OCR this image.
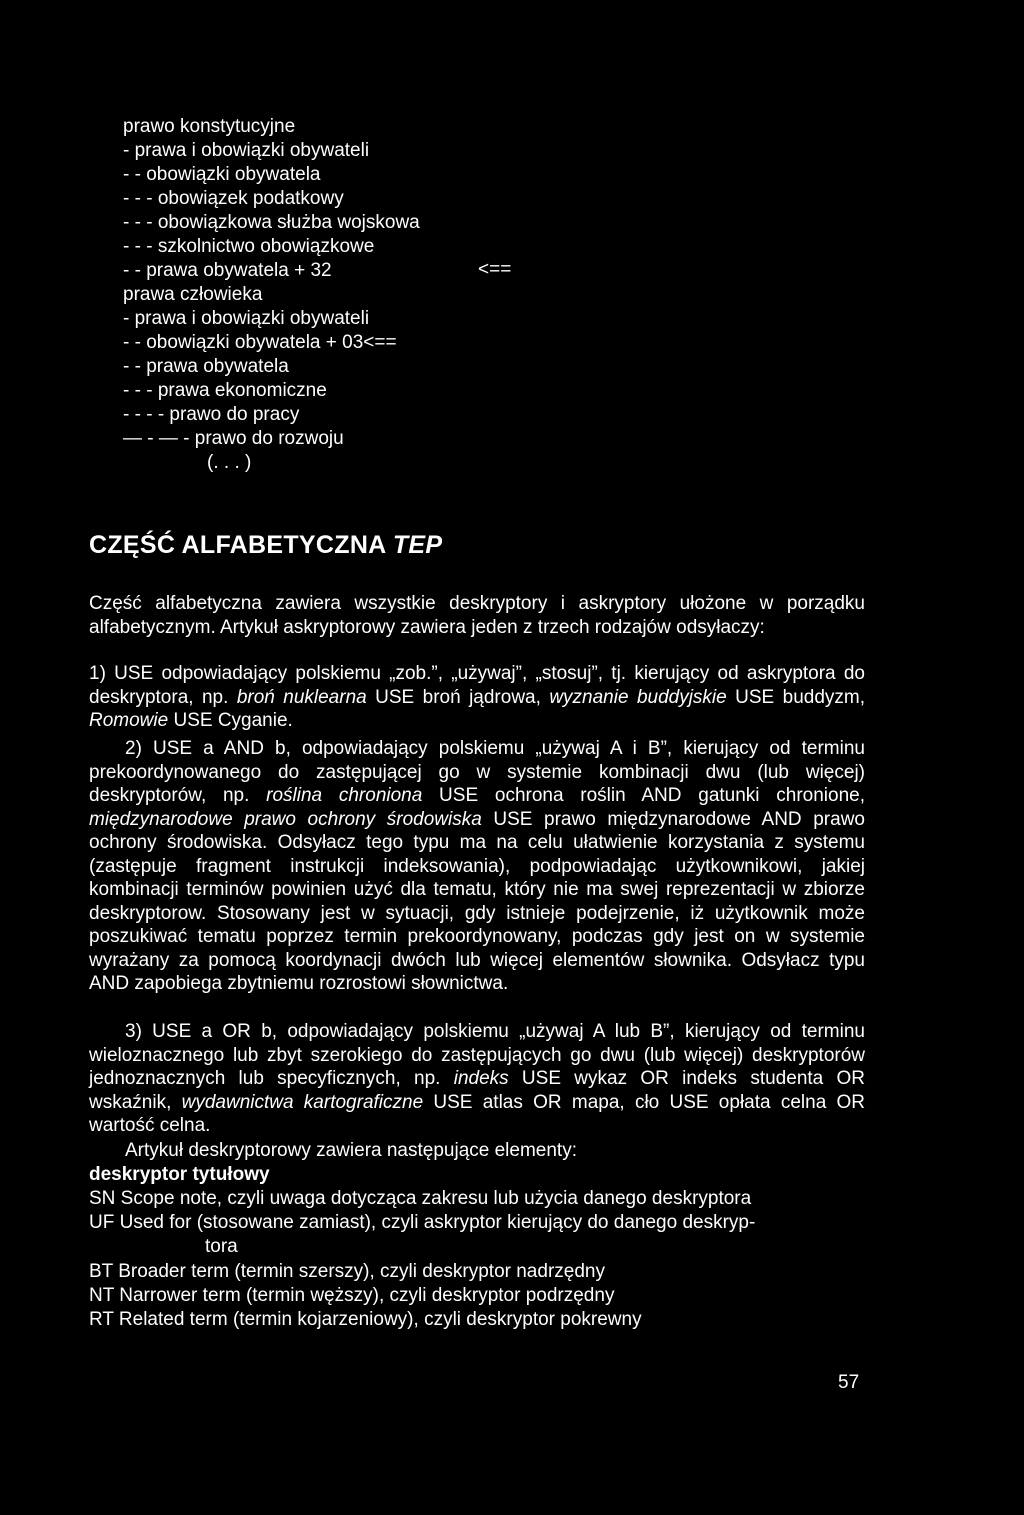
prawo konstytucyjne
- prawa i obowiązki obywateli
- - obowiązki obywatela
- - - obowiązek podatkowy
- - - obowiązkowa służba wojskowa
- - - szkolnictwo obowiązkowe
- - prawa obywatela + 32	<==
prawa człowieka
- prawa i obowiązki obywateli
- - obowiązki obywatela + 03<==
- - prawa obywatela
- - - prawa ekonomiczne
- - - - prawo do pracy
— - — - prawo do rozwoju
(. . . )
CZĘŚĆ ALFABETYCZNA TEP
Część alfabetyczna zawiera wszystkie deskryptory i askryptory ułożone w porządku alfabetycznym. Artykuł askryptorowy zawiera jeden z trzech rodzajów odsyłaczy:
1) USE odpowiadający polskiemu „zob.”, „używaj”, „stosuj”, tj. kierujący od askryptora do deskryptora, np. broń nuklearna USE broń jądrowa, wyznanie buddyjskie USE buddyzm, Romowie USE Cyganie.
2) USE a AND b, odpowiadający polskiemu „używaj A i B”, kierujący od terminu prekoordynowanego do zastępującej go w systemie kombinacji dwu (lub więcej) deskryptorów, np. roślina chroniona USE ochrona roślin AND gatunki chronione, międzynarodowe prawo ochrony środowiska USE prawo międzynarodowe AND prawo ochrony środowiska. Odsyłacz tego typu ma na celu ułatwienie korzystania z systemu (zastępuje fragment instrukcji indeksowania), podpowiadając użytkownikowi, jakiej kombinacji terminów powinien użyć dla tematu, który nie ma swej reprezentacji w zbiorze deskryptorow. Stosowany jest w sytuacji, gdy istnieje podejrzenie, iż użytkownik może poszukiwać tematu poprzez termin prekoordynowany, podczas gdy jest on w systemie wyrażany za pomocą koordynacji dwóch lub więcej elementów słownika. Odsyłacz typu AND zapobiega zbytniemu rozrostowi słownictwa.
3) USE a OR b, odpowiadający polskiemu „używaj A lub B”, kierujący od terminu wieloznacznego lub zbyt szerokiego do zastępujących go dwu (lub więcej) deskryptorów jednoznacznych lub specyficznych, np. indeks USE wykaz OR indeks studenta OR wskaźnik, wydawnictwa kartograficzne USE atlas OR mapa, cło USE opłata celna OR wartość celna.
Artykuł deskryptorowy zawiera następujące elementy:
deskryptor tytułowy
SN Scope note, czyli uwaga dotycząca zakresu lub użycia danego deskryptora
UF Used for (stosowane zamiast), czyli askryptor kierujący do danego deskryp-
tora
BT Broader term (termin szerszy), czyli deskryptor nadrzędny
NT Narrower term (termin węższy), czyli deskryptor podrzędny
RT Related term (termin kojarzeniowy), czyli deskryptor pokrewny
57
